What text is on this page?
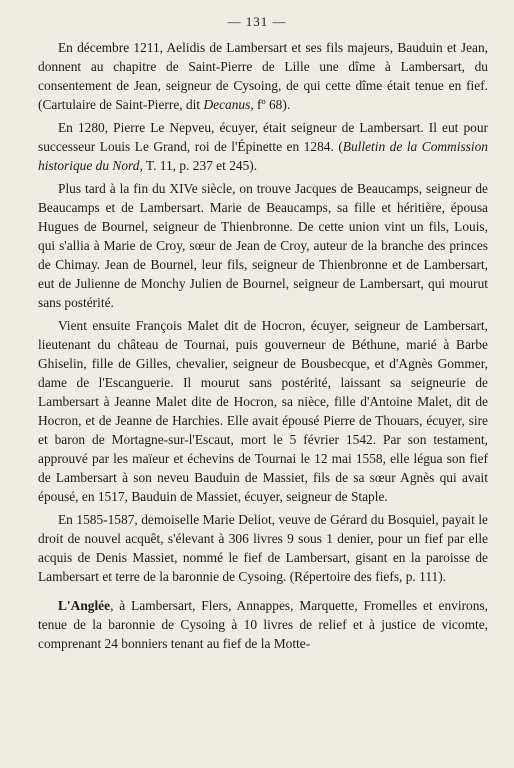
— 131 —

En décembre 1211, Aelidis de Lambersart et ses fils majeurs, Bauduin et Jean, donnent au chapitre de Saint-Pierre de Lille une dîme à Lambersart, du consentement de Jean, seigneur de Cysoing, de qui cette dîme était tenue en fief. (Cartulaire de Saint-Pierre, dit Decanus, fº 68).

En 1280, Pierre Le Nepveu, écuyer, était seigneur de Lambersart. Il eut pour successeur Louis Le Grand, roi de l'Épinette en 1284. (Bulletin de la Commission historique du Nord, T. 11, p. 237 et 245).

Plus tard à la fin du XIVe siècle, on trouve Jacques de Beaucamps, seigneur de Beaucamps et de Lambersart. Marie de Beaucamps, sa fille et héritière, épousa Hugues de Bournel, seigneur de Thienbronne. De cette union vint un fils, Louis, qui s'allia à Marie de Croy, sœur de Jean de Croy, auteur de la branche des princes de Chimay. Jean de Bournel, leur fils, seigneur de Thienbronne et de Lambersart, eut de Julienne de Monchy Julien de Bournel, seigneur de Lambersart, qui mourut sans postérité.

Vient ensuite François Malet dit de Hocron, écuyer, seigneur de Lambersart, lieutenant du château de Tournai, puis gouverneur de Béthune, marié à Barbe Ghiselin, fille de Gilles, chevalier, seigneur de Bousbecque, et d'Agnès Gommer, dame de l'Escanguerie. Il mourut sans postérité, laissant sa seigneurie de Lambersart à Jeanne Malet dite de Hocron, sa nièce, fille d'Antoine Malet, dit de Hocron, et de Jeanne de Harchies. Elle avait épousé Pierre de Thouars, écuyer, sire et baron de Mortagne-sur-l'Escaut, mort le 5 février 1542. Par son testament, approuvé par les maïeur et échevins de Tournai le 12 mai 1558, elle légua son fief de Lambersart à son neveu Bauduin de Massiet, fils de sa sœur Agnès qui avait épousé, en 1517, Bauduin de Massiet, écuyer, seigneur de Staple.

En 1585-1587, demoiselle Marie Deliot, veuve de Gérard du Bosquiel, payait le droit de nouvel acquêt, s'élevant à 306 livres 9 sous 1 denier, pour un fief par elle acquis de Denis Massiet, nommé le fief de Lambersart, gisant en la paroisse de Lambersart et terre de la baronnie de Cysoing. (Répertoire des fiefs, p. 111).

L'Anglée, à Lambersart, Flers, Annappes, Marquette, Fromelles et environs, tenue de la baronnie de Cysoing à 10 livres de relief et à justice de vicomte, comprenant 24 bonniers tenant au fief de la Motte-
